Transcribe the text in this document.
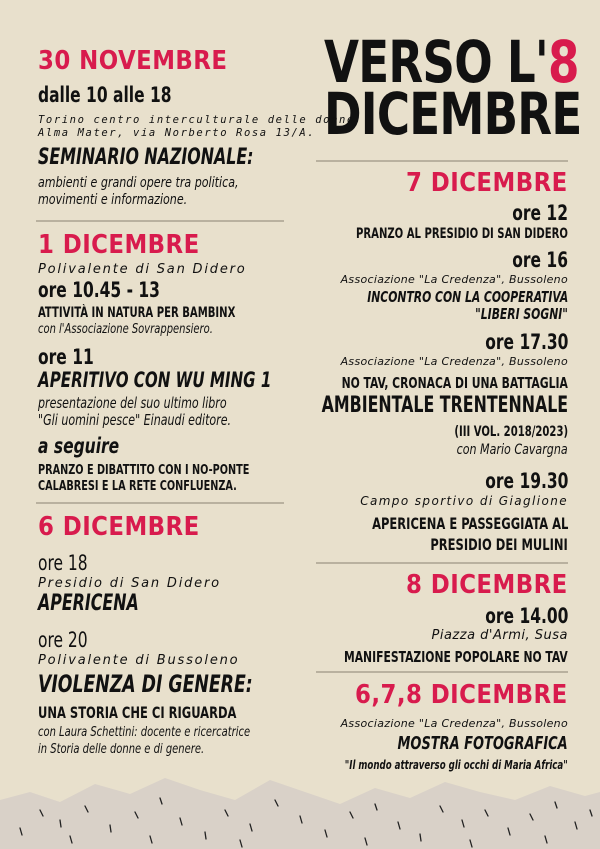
VERSO L'8
DICEMBRE
30 NOVEMBRE
dalle 10 alle 18
Torino centro interculturale delle donne
Alma Mater, via Norberto Rosa 13/A.
SEMINARIO NAZIONALE:
ambienti e grandi opere tra politica,
movimenti e informazione.
1 DICEMBRE
Polivalente di San Didero
ore 10.45 - 13
ATTIVITÀ IN NATURA PER BAMBINX
con l'Associazione Sovrappensiero.
ore 11
APERITIVO CON WU MING 1
presentazione del suo ultimo libro
"Gli uomini pesce" Einaudi editore.
a seguire
PRANZO E DIBATTITO CON I NO-PONTE
CALABRESI E LA RETE CONFLUENZA.
6 DICEMBRE
ore 18
Presidio di San Didero
APERICENA
ore 20
Polivalente di Bussoleno
VIOLENZA DI GENERE:
UNA STORIA CHE CI RIGUARDA
con Laura Schettini: docente e ricercatrice
in Storia delle donne e di genere.
7 DICEMBRE
ore 12
PRANZO AL PRESIDIO DI SAN DIDERO
ore 16
Associazione "La Credenza", Bussoleno
INCONTRO CON LA COOPERATIVA
"LIBERI SOGNI"
ore 17.30
Associazione "La Credenza", Bussoleno
NO TAV, CRONACA DI UNA BATTAGLIA
AMBIENTALE TRENTENNALE
(III VOL. 2018/2023)
con Mario Cavargna
ore 19.30
Campo sportivo di Giaglione
APERICENA E PASSEGGIATA AL
PRESIDIO DEI MULINI
8 DICEMBRE
ore 14.00
Piazza d'Armi, Susa
MANIFESTAZIONE POPOLARE NO TAV
6,7,8 DICEMBRE
Associazione "La Credenza", Bussoleno
MOSTRA FOTOGRAFICA
"Il mondo attraverso gli occhi di Maria Africa"
